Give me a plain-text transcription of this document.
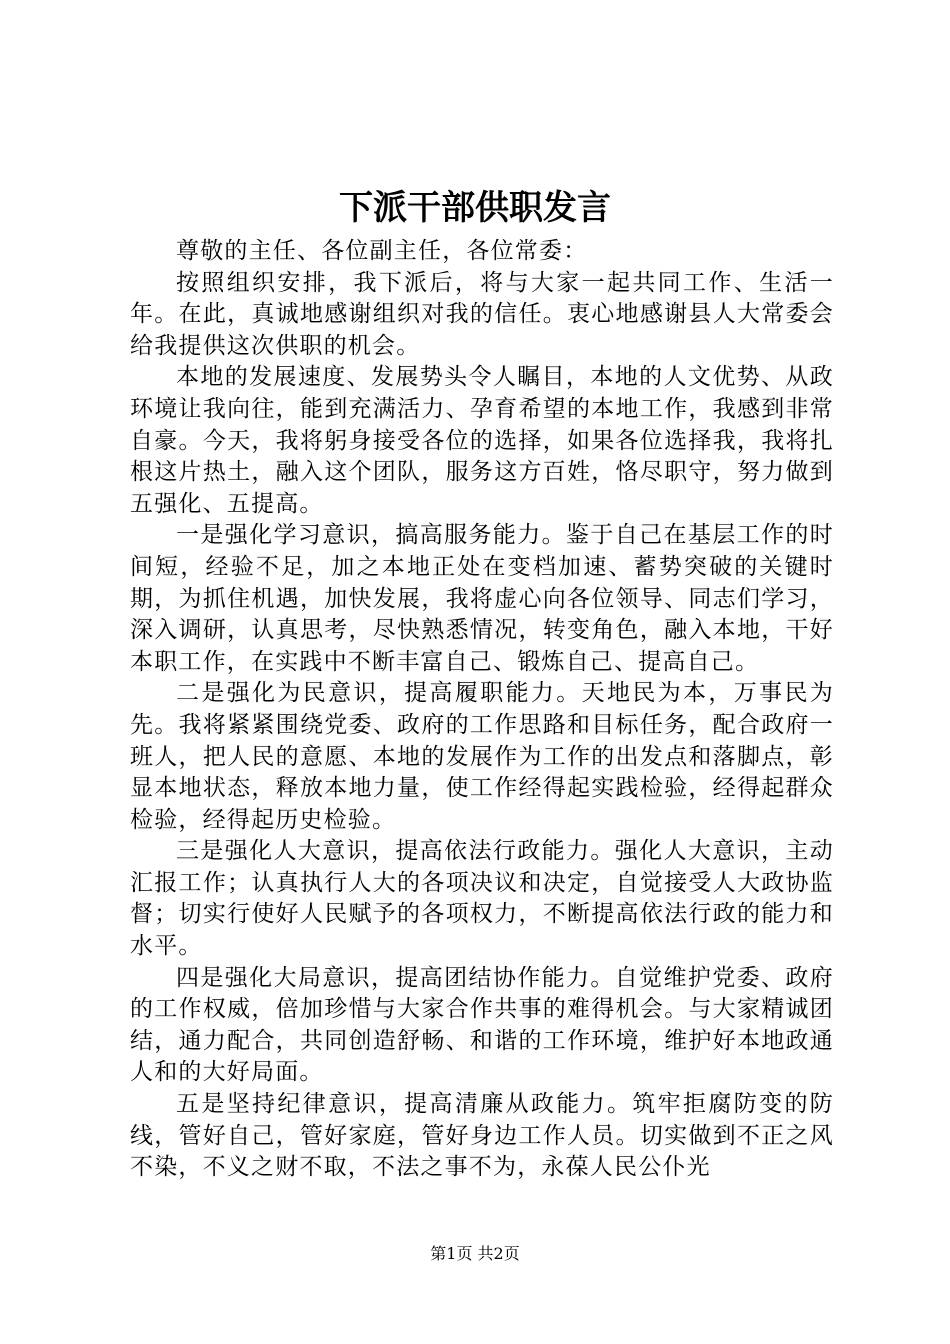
下派干部供职发言

尊敬的主任、各位副主任，各位常委：

按照组织安排，我下派后，将与大家一起共同工作、生活一年。在此，真诚地感谢组织对我的信任。衷心地感谢县人大常委会给我提供这次供职的机会。

本地的发展速度、发展势头令人瞩目，本地的人文优势、从政环境让我向往，能到充满活力、孕育希望的本地工作，我感到非常自豪。今天，我将躬身接受各位的选择，如果各位选择我，我将扎根这片热土，融入这个团队，服务这方百姓，恪尽职守，努力做到五强化、五提高。

一是强化学习意识，搞高服务能力。鉴于自己在基层工作的时间短，经验不足，加之本地正处在变档加速、蓄势突破的关键时期，为抓住机遇，加快发展，我将虚心向各位领导、同志们学习，深入调研，认真思考，尽快熟悉情况，转变角色，融入本地，干好本职工作，在实践中不断丰富自己、锻炼自己、提高自己。

二是强化为民意识，提高履职能力。天地民为本，万事民为先。我将紧紧围绕党委、政府的工作思路和目标任务，配合政府一班人，把人民的意愿、本地的发展作为工作的出发点和落脚点，彰显本地状态，释放本地力量，使工作经得起实践检验，经得起群众检验，经得起历史检验。

三是强化人大意识，提高依法行政能力。强化人大意识，主动汇报工作；认真执行人大的各项决议和决定，自觉接受人大政协监督；切实行使好人民赋予的各项权力，不断提高依法行政的能力和水平。

四是强化大局意识，提高团结协作能力。自觉维护党委、政府的工作权威，倍加珍惜与大家合作共事的难得机会。与大家精诚团结，通力配合，共同创造舒畅、和谐的工作环境，维护好本地政通人和的大好局面。

五是坚持纪律意识，提高清廉从政能力。筑牢拒腐防变的防线，管好自己，管好家庭，管好身边工作人员。切实做到不正之风不染，不义之财不取，不法之事不为，永葆人民公仆光

第1页 共2页
